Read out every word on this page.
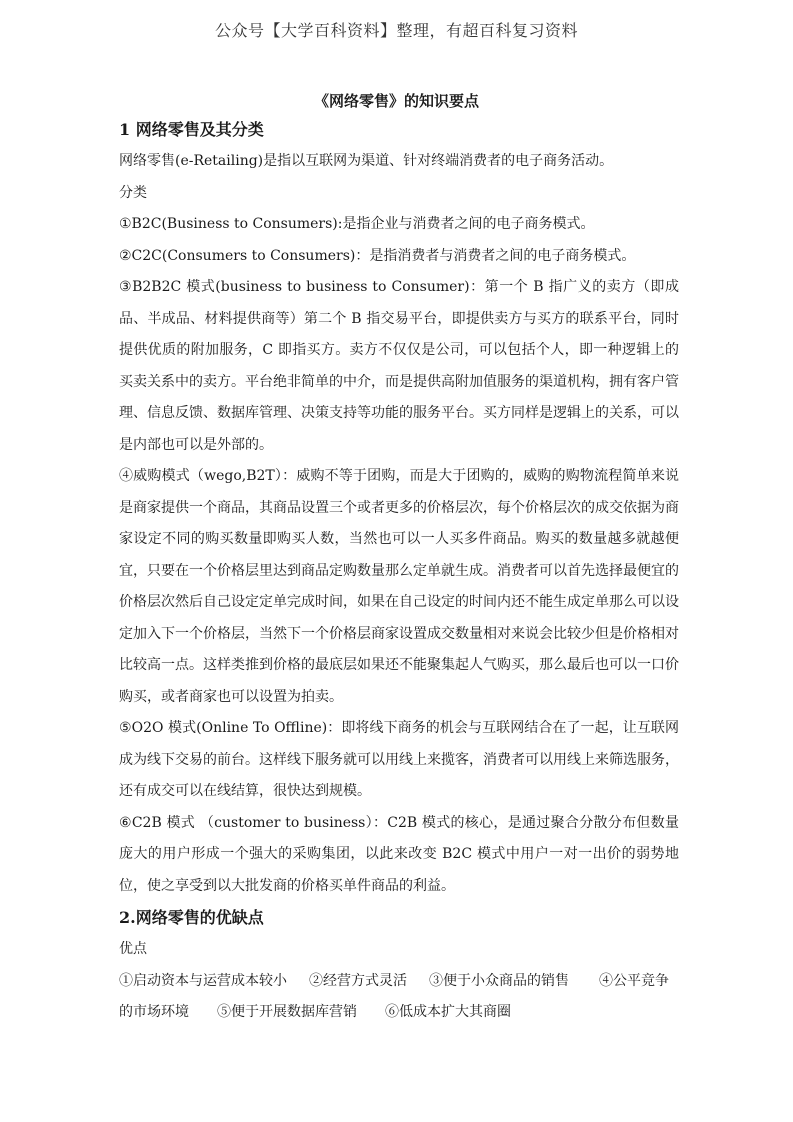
公众号【大学百科资料】整理，有超百科复习资料
《网络零售》的知识要点

1 网络零售及其分类

网络零售(e-Retailing)是指以互联网为渠道、针对终端消费者的电子商务活动。

分类

①B2C(Business to Consumers):是指企业与消费者之间的电子商务模式。

②C2C(Consumers to Consumers)：是指消费者与消费者之间的电子商务模式。

③B2B2C 模式(business to business to Consumer)：第一个 B 指广义的卖方（即成品、半成品、材料提供商等）第二个 B 指交易平台，即提供卖方与买方的联系平台，同时提供优质的附加服务，C 即指买方。卖方不仅仅是公司，可以包括个人，即一种逻辑上的买卖关系中的卖方。平台绝非简单的中介，而是提供高附加值服务的渠道机构，拥有客户管理、信息反馈、数据库管理、决策支持等功能的服务平台。买方同样是逻辑上的关系，可以是内部也可以是外部的。

④威购模式（wego,B2T）：威购不等于团购，而是大于团购的，威购的购物流程简单来说是商家提供一个商品，其商品设置三个或者更多的价格层次，每个价格层次的成交依据为商家设定不同的购买数量即购买人数，当然也可以一人买多件商品。购买的数量越多就越便宜，只要在一个价格层里达到商品定购数量那么定单就生成。消费者可以首先选择最便宜的价格层次然后自己设定定单完成时间，如果在自己设定的时间内还不能生成定单那么可以设定加入下一个价格层，当然下一个价格层商家设置成交数量相对来说会比较少但是价格相对比较高一点。这样类推到价格的最底层如果还不能聚集起人气购买，那么最后也可以一口价购买，或者商家也可以设置为拍卖。

⑤O2O 模式(Online To Offline)：即将线下商务的机会与互联网结合在了一起，让互联网成为线下交易的前台。这样线下服务就可以用线上来揽客，消费者可以用线上来筛选服务，还有成交可以在线结算，很快达到规模。

⑥C2B 模式 （customer to business）：C2B 模式的核心，是通过聚合分散分布但数量庞大的用户形成一个强大的采购集团，以此来改变 B2C 模式中用户一对一出价的弱势地位，使之享受到以大批发商的价格买单件商品的利益。

2.网络零售的优缺点

优点

①启动资本与运营成本较小 ②经营方式灵活 ③便于小众商品的销售 ④公平竞争

的市场环境 ⑤便于开展数据库营销 ⑥低成本扩大其商圈
